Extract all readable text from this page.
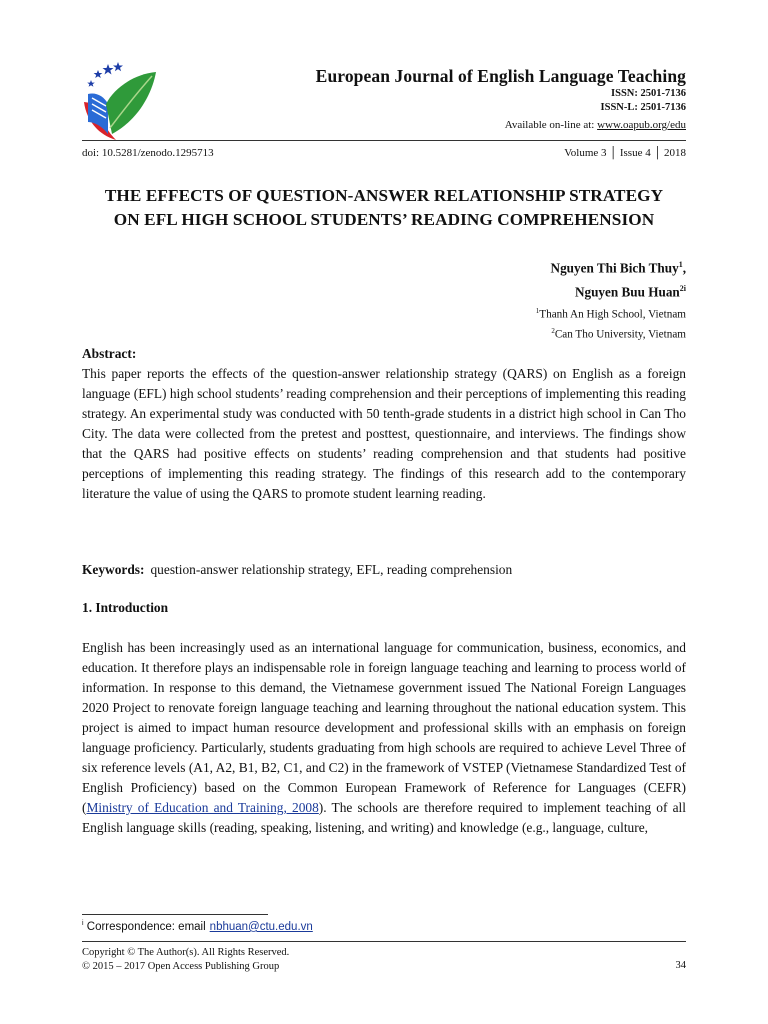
European Journal of English Language Teaching
ISSN: 2501-7136
ISSN-L: 2501-7136
Available on-line at: www.oapub.org/edu
doi: 10.5281/zenodo.1295713	Volume 3 │ Issue 4 │ 2018
THE EFFECTS OF QUESTION-ANSWER RELATIONSHIP STRATEGY
ON EFL HIGH SCHOOL STUDENTS’ READING COMPREHENSION
Nguyen Thi Bich Thuy$^1$,
Nguyen Buu Huan$^{2i}$
$^1$Thanh An High School, Vietnam
$^2$Can Tho University, Vietnam
Abstract:
This paper reports the effects of the question-answer relationship strategy (QARS) on English as a foreign language (EFL) high school students’ reading comprehension and their perceptions of implementing this reading strategy. An experimental study was conducted with 50 tenth-grade students in a district high school in Can Tho City. The data were collected from the pretest and posttest, questionnaire, and interviews. The findings show that the QARS had positive effects on students’ reading comprehension and that students had positive perceptions of implementing this reading strategy. The findings of this research add to the contemporary literature the value of using the QARS to promote student learning reading.
Keywords: question-answer relationship strategy, EFL, reading comprehension
1. Introduction
English has been increasingly used as an international language for communication, business, economics, and education. It therefore plays an indispensable role in foreign language teaching and learning to process world of information. In response to this demand, the Vietnamese government issued The National Foreign Languages 2020 Project to renovate foreign language teaching and learning throughout the national education system. This project is aimed to impact human resource development and professional skills with an emphasis on foreign language proficiency. Particularly, students graduating from high schools are required to achieve Level Three of six reference levels (A1, A2, B1, B2, C1, and C2) in the framework of VSTEP (Vietnamese Standardized Test of English Proficiency) based on the Common European Framework of Reference for Languages (CEFR) (Ministry of Education and Training, 2008). The schools are therefore required to implement teaching of all English language skills (reading, speaking, listening, and writing) and knowledge (e.g., language, culture,
$^i$ Correspondence: email nbhuan@ctu.edu.vn
Copyright © The Author(s). All Rights Reserved.
© 2015 – 2017 Open Access Publishing Group	34
